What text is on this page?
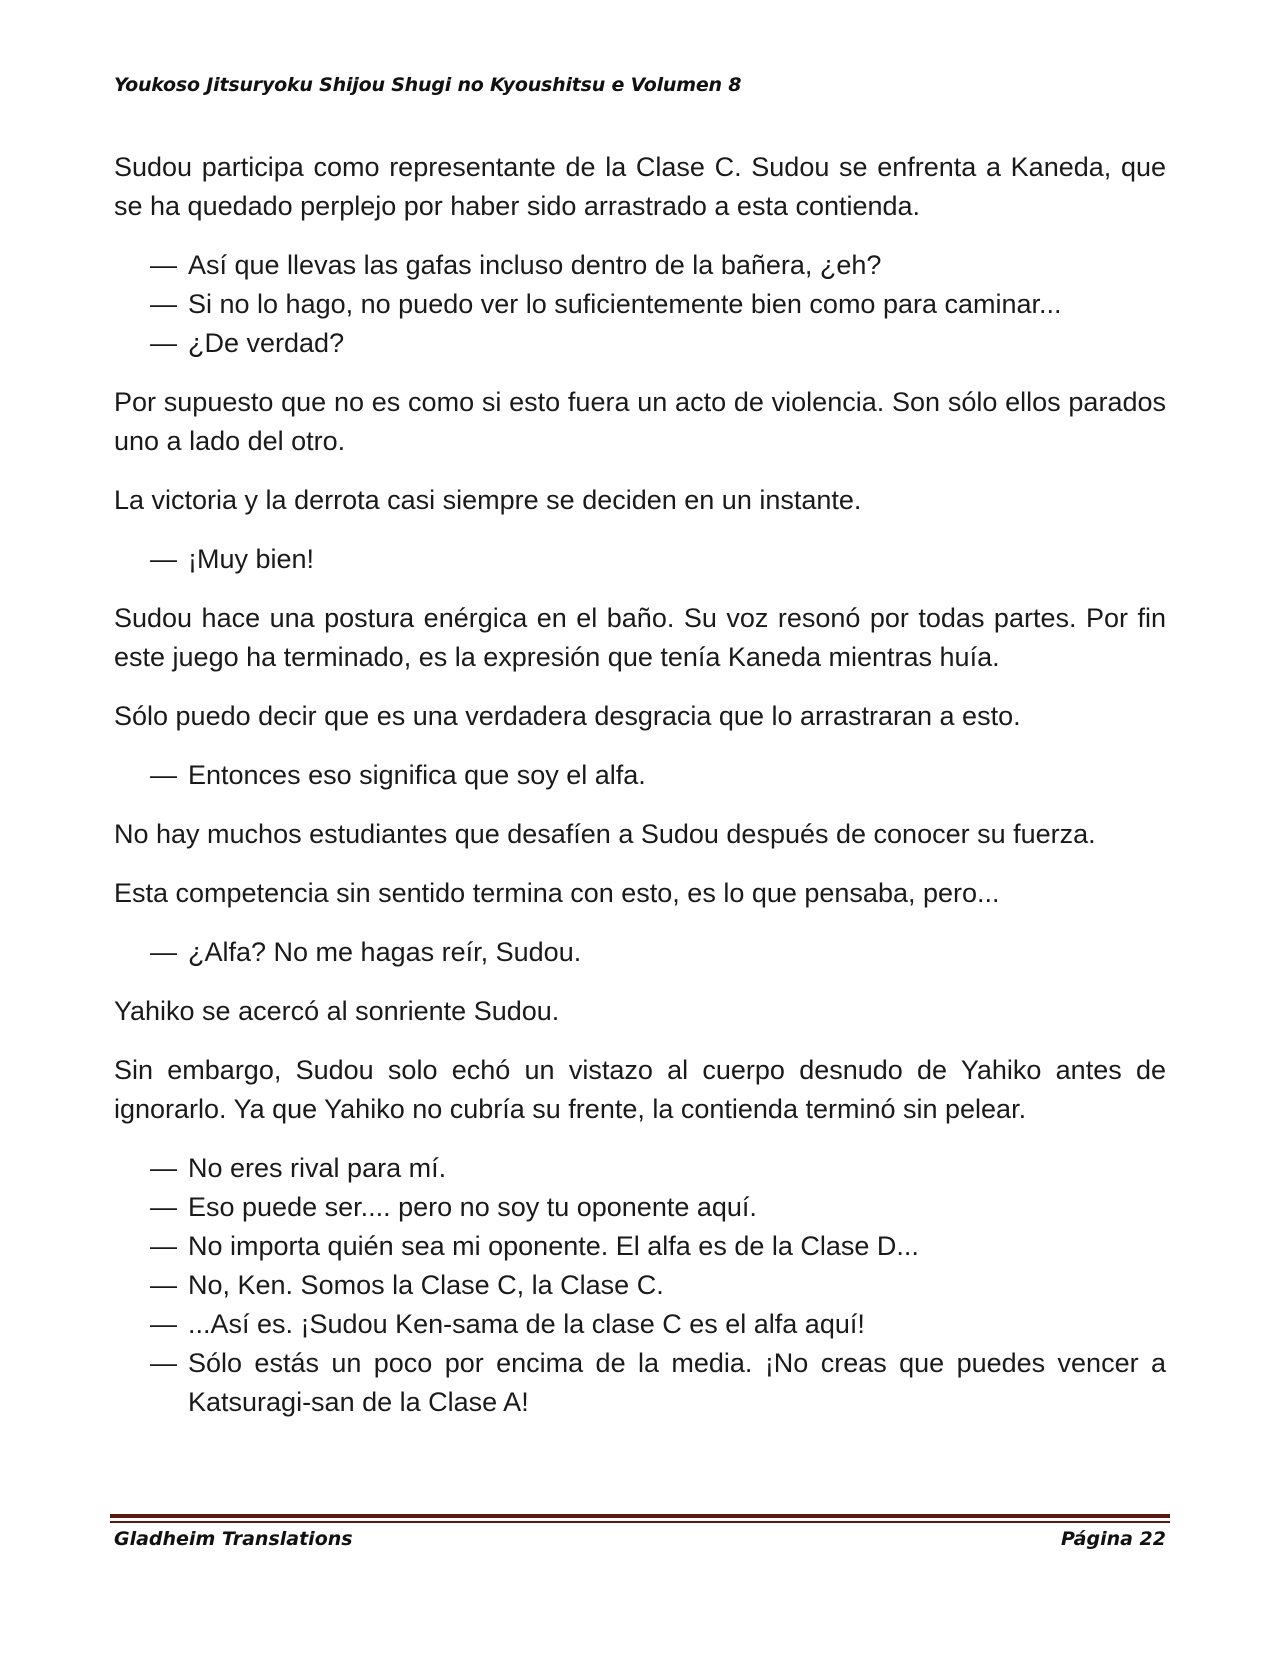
Youkoso Jitsuryoku Shijou Shugi no Kyoushitsu e Volumen 8

Sudou participa como representante de la Clase C. Sudou se enfrenta a Kaneda, que se ha quedado perplejo por haber sido arrastrado a esta contienda.

— Así que llevas las gafas incluso dentro de la bañera, ¿eh?
— Si no lo hago, no puedo ver lo suficientemente bien como para caminar...
— ¿De verdad?

Por supuesto que no es como si esto fuera un acto de violencia. Son sólo ellos parados uno a lado del otro.

La victoria y la derrota casi siempre se deciden en un instante.

— ¡Muy bien!

Sudou hace una postura enérgica en el baño. Su voz resonó por todas partes. Por fin este juego ha terminado, es la expresión que tenía Kaneda mientras huía.

Sólo puedo decir que es una verdadera desgracia que lo arrastraran a esto.

— Entonces eso significa que soy el alfa.

No hay muchos estudiantes que desafíen a Sudou después de conocer su fuerza.

Esta competencia sin sentido termina con esto, es lo que pensaba, pero...

— ¿Alfa? No me hagas reír, Sudou.

Yahiko se acercó al sonriente Sudou.

Sin embargo, Sudou solo echó un vistazo al cuerpo desnudo de Yahiko antes de ignorarlo. Ya que Yahiko no cubría su frente, la contienda terminó sin pelear.

— No eres rival para mí.
— Eso puede ser.... pero no soy tu oponente aquí.
— No importa quién sea mi oponente. El alfa es de la Clase D...
— No, Ken. Somos la Clase C, la Clase C.
— ...Así es. ¡Sudou Ken-sama de la clase C es el alfa aquí!
— Sólo estás un poco por encima de la media. ¡No creas que puedes vencer a Katsuragi-san de la Clase A!
Gladheim Translations	Página 22
